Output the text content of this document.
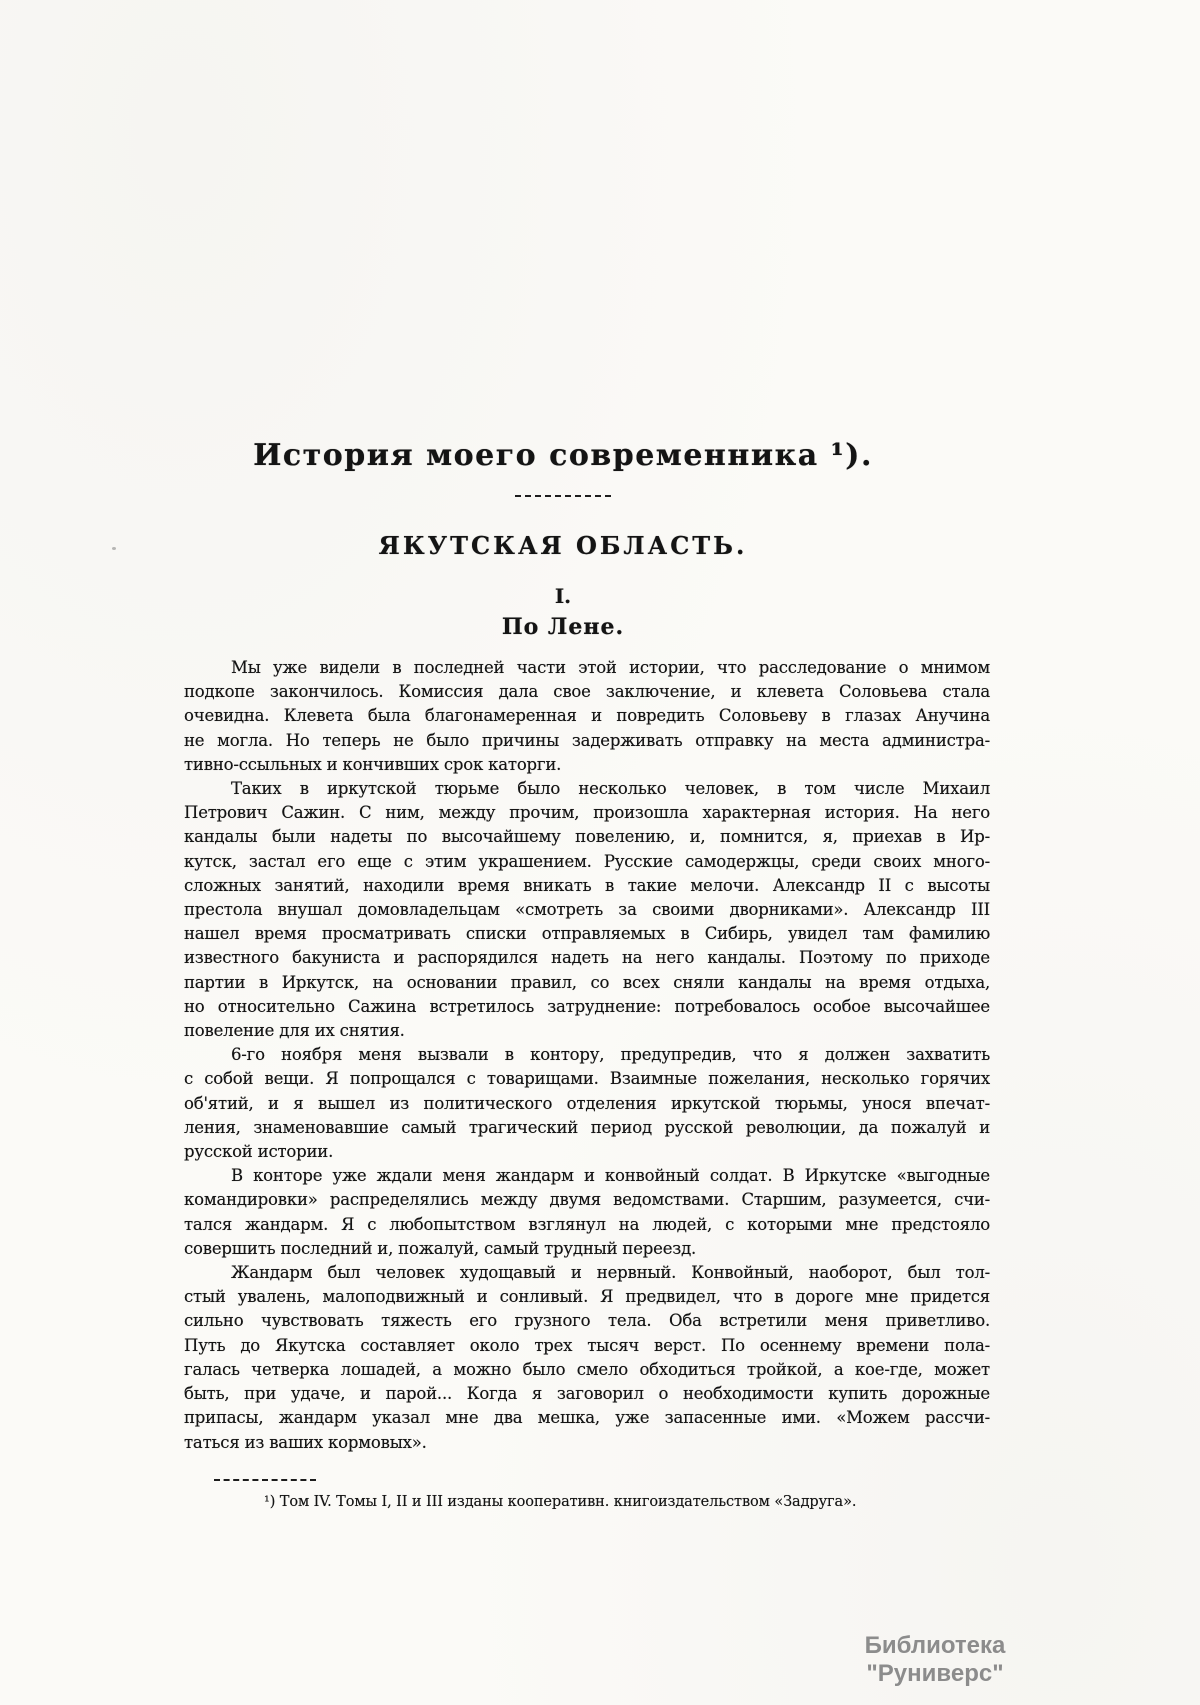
История моего современника ¹).
ЯКУТСКАЯ ОБЛАСТЬ.
I.
По Лене.
Мы уже видели в последней части этой истории, что расследование о мнимом
подкопе закончилось. Комиссия дала свое заключение, и клевета Соловьева стала
очевидна. Клевета была благонамеренная и повредить Соловьеву в глазах Анучина
не могла. Но теперь не было причины задерживать отправку на места администра-
тивно-ссыльных и кончивших срок каторги.
Таких в иркутской тюрьме было несколько человек, в том числе Михаил
Петрович Сажин. С ним, между прочим, произошла характерная история. На него
кандалы были надеты по высочайшему повелению, и, помнится, я, приехав в Ир-
кутск, застал его еще с этим украшением. Русские самодержцы, среди своих много-
сложных занятий, находили время вникать в такие мелочи. Александр II с высоты
престола внушал домовладельцам «смотреть за своими дворниками». Александр III
нашел время просматривать списки отправляемых в Сибирь, увидел там фамилию
известного бакуниста и распорядился надеть на него кандалы. Поэтому по приходе
партии в Иркутск, на основании правил, со всех сняли кандалы на время отдыха,
но относительно Сажина встретилось затруднение: потребовалось особое высочайшее
повеление для их снятия.
6-го ноября меня вызвали в контору, предупредив, что я должен захватить
с собой вещи. Я попрощался с товарищами. Взаимные пожелания, несколько горячих
об'ятий, и я вышел из политического отделения иркутской тюрьмы, унося впечат-
ления, знаменовавшие самый трагический период русской революции, да пожалуй и
русской истории.
В конторе уже ждали меня жандарм и конвойный солдат. В Иркутске «выгодные
командировки» распределялись между двумя ведомствами. Старшим, разумеется, счи-
тался жандарм. Я с любопытством взглянул на людей, с которыми мне предстояло
совершить последний и, пожалуй, самый трудный переезд.
Жандарм был человек худощавый и нервный. Конвойный, наоборот, был тол-
стый увалень, малоподвижный и сонливый. Я предвидел, что в дороге мне придется
сильно чувствовать тяжесть его грузного тела. Оба встретили меня приветливо.
Путь до Якутска составляет около трех тысяч верст. По осеннему времени пола-
галась четверка лошадей, а можно было смело обходиться тройкой, а кое-где, может
быть, при удаче, и парой... Когда я заговорил о необходимости купить дорожные
припасы, жандарм указал мне два мешка, уже запасенные ими. «Можем рассчи-
таться из ваших кормовых».
¹) Том IV. Томы I, II и III изданы кооперативн. книгоиздательством «Задруга».
Библиотека "Руниверс"
